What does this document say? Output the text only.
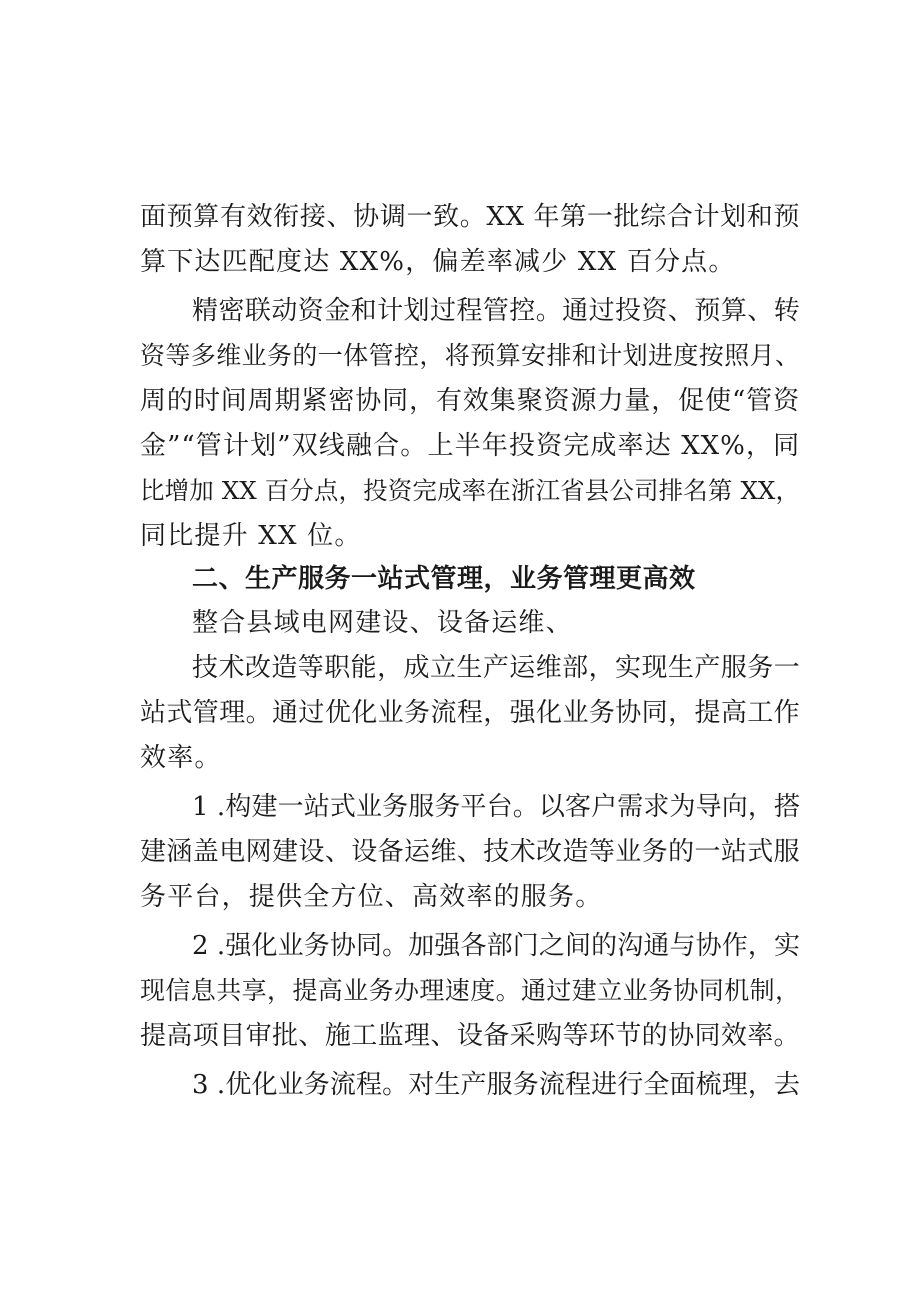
面预算有效衔接、协调一致。XX 年第一批综合计划和预
算下达匹配度达 XX%，偏差率减少 XX 百分点。
精密联动资金和计划过程管控。通过投资、预算、转
资等多维业务的一体管控，将预算安排和计划进度按照月、
周的时间周期紧密协同，有效集聚资源力量，促使“管资
金”“管计划”双线融合。上半年投资完成率达 XX%，同
比增加 XX 百分点，投资完成率在浙江省县公司排名第 XX，
同比提升 XX 位。
二、生产服务一站式管理，业务管理更高效
整合县域电网建设、设备运维、
技术改造等职能，成立生产运维部，实现生产服务一
站式管理。通过优化业务流程，强化业务协同，提高工作
效率。
1 .构建一站式业务服务平台。以客户需求为导向，搭
建涵盖电网建设、设备运维、技术改造等业务的一站式服
务平台，提供全方位、高效率的服务。
2 .强化业务协同。加强各部门之间的沟通与协作，实
现信息共享，提高业务办理速度。通过建立业务协同机制，
提高项目审批、施工监理、设备采购等环节的协同效率。
3 .优化业务流程。对生产服务流程进行全面梳理，去
